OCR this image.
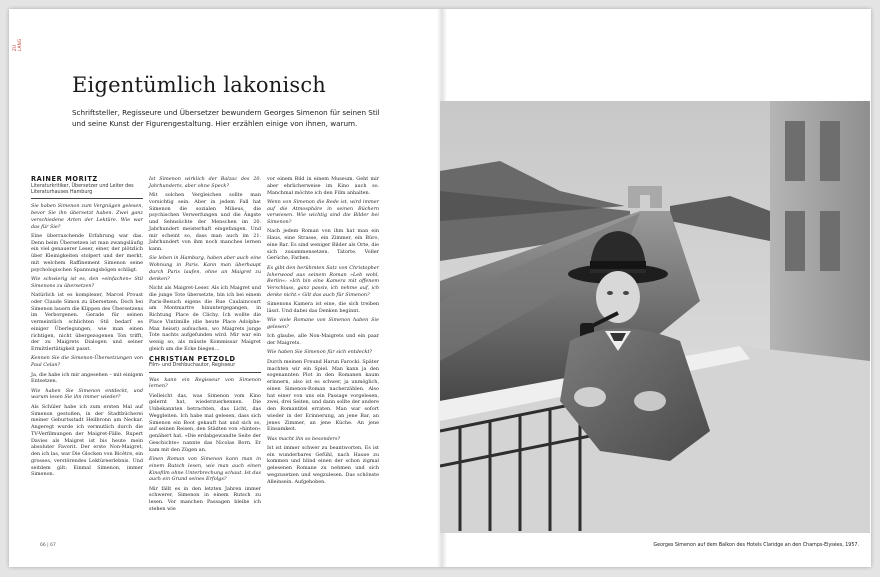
ZU LANG
Eigentümlich lakonisch

Schriftsteller, Regisseure und Übersetzer bewundern Georges Simenon für seinen Stil und seine Kunst der Figurengestaltung. Hier erzählen einige von ihnen, warum.

RAINER MORITZ
Literaturkritiker, Übersetzer und Leiter des Literaturhauses Hamburg

Sie haben Simenon zum Vergnügen gelesen, bevor Sie ihn übersetzt haben. Zwei ganz verschiedene Arten der Lektüre. Wie war das für Sie?

Eine überraschende Erfahrung war das. Denn beim Übersetzen ist man zwangsläufig ein viel genauerer Leser, einer, der plötzlich über Kleinigkeiten stolpert und der merkt, mit welchem Raffinement Simenon seine psychologischen Spannungsbögen schlägt.

Wie schwierig ist es, den »einfachen« Stil Simenons zu übersetzen?

Natürlich ist es komplexer, Marcel Proust oder Claude Simon zu übersetzen. Doch bei Simenon lauern die Klippen des Übersetzens im Verborgenen. Gerade für seinen vermeintlich schlichten Stil bedarf es einiger Überlegungen, wie man einen richtigen, nicht übergezogenen Ton trifft, der zu Maigrets Dialogen und seiner Ermittlertätigkeit passt.

Kennen Sie die Simenon-Übersetzungen von Paul Celan?

Ja, die habe ich mir angesehen – mit einigem Entsetzen.

Wie haben Sie Simenon entdeckt, und warum lesen Sie ihn immer wieder?

Als Schüler habe ich zum ersten Mal auf Simenon gestoßen, in der Stadtbücherei meiner Geburtsstadt Heilbronn am Neckar. Angeregt wurde ich vermutlich durch die TV-Verfilmungen der Maigret-Fälle. Rupert Davies als Maigret ist bis heute mein absoluter Favorit. Der erste Non-Maigret, den ich las, war Die Glocken von Bicêtre, ein grosses, verstörendes Lektüreerlebnis. Und seitdem gilt: Einmal Simenon, immer Simenon.

Ist Simenon wirklich der Balzac des 20. Jahrhunderts, aber ohne Speck?

Mit solchen Vergleichen sollte man vorsichtig sein. Aber in jedem Fall hat Simenon die sozialen Milieus, die psychischen Verwerfungen und die Ängste und Sehnsüchte der Menschen im 20. Jahrhundert meisterhaft eingefangen. Und mir scheint so, dass man auch im 21. Jahrhundert von ihm noch manches lernen kann.

Sie leben in Hamburg, haben aber auch eine Wohnung in Paris. Kann man überhaupt durch Paris laufen, ohne an Maigret zu denken?

Nicht als Maigret-Leser. Als ich Maigret und die junge Tote übersetzte, bin ich bei einem Paris-Besuch eigens die Rue Caulaincourt am Montmartre hinuntergegangen, in Richtung Place de Clichy. Ich wollte die Place Vintimille (die heute Place Adolphe-Max heisst) aufsuchen, wo Maigrets junge Tote nachts aufgefunden wird. Mir war ein wenig so, als müsste Kommissar Maigret gleich um die Ecke biegen…

CHRISTIAN PETZOLD
Film- und Drehbuchautor, Regisseur

Was kann ein Regisseur von Simenon lernen?

Vielleicht das, was Simenon vom Kino gelernt hat, wiederzuerkennen. Die Unbekannten betrachten, das Licht, das Weggleiten. Ich habe mal gelesen, dass sich Simenon ein Boot gekauft hat und sich so, auf seinen Reisen, den Städten von »hinten« genähert hat. »Die erdabgewandte Seite der Geschichte« nannte das Nicolas Born. Er kam mit den Zügen an.

Einen Roman von Simenon kann man in einem Rutsch lesen, wie man auch einen Kinofilm ohne Unterbrechung schaut. Ist das auch ein Grund seines Erfolgs?

Mir fällt es in den letzten Jahren immer schwerer, Simenon in einem Rutsch zu lesen. Vor manchen Passagen bleibe ich stehen wie

vor einem Bild in einem Museum. Geht mir aber ehrlicherweise im Kino auch so. Manchmal möchte ich den Film anhalten.

Wenn von Simenon die Rede ist, wird immer auf die Atmosphäre in seinen Büchern verwiesen. Wie wichtig sind die Bilder bei Simenon?

Nach jedem Roman von ihm hat man ein Haus, eine Strasse, ein Zimmer, ein Büro, eine Bar. Es sind weniger Bilder als Orte, die sich zusammensetzen. Tatorte. Voller Gerüche, Farben.

Es gibt den berühmten Satz von Christopher Isherwood aus seinem Roman »Leb wohl, Berlin«: »Ich bin eine Kamera mit offenem Verschluss, ganz passiv, ich nehme auf, ich denke nicht.« Gilt das auch für Simenon?

Simenons Kamera ist eine, die sich treiben lässt. Und dabei das Denken beginnt.

Wie viele Romane von Simenon haben Sie gelesen?

Ich glaube, alle Non-Maigrets und ein paar der Maigrets.

Wie haben Sie Simenon für sich entdeckt?

Durch meinen Freund Harun Farocki. Später machten wir ein Spiel. Man kann ja den sogenannten Plot in den Romanen kaum erinnern, also ist es schwer, ja unmöglich, einen Simenon-Roman nacherzählen. Also hat einer von uns ein Passage vorgelesen, zwei, drei Seiten, und dann sollte der andere den Romantitel erraten. Man war sofort wieder in der Erinnerung, an jene Bar, an jenes Zimmer, an jene Küche. An jene Einsamkeit.

Was macht ihn so besonders?

Ist ist immer schwer zu beantworten. Es ist ein wunderbares Gefühl, nach Hause zu kommen und blind einen der schon zigmal gelesenen Romane zu nehmen und sich wegzusetzen und wegzulesen. Das schönste Alleinsein. Aufgehoben.

66 | 67	Georges Simenon auf dem Balkon des Hotels Claridge an den Champs-Elysées, 1957.
